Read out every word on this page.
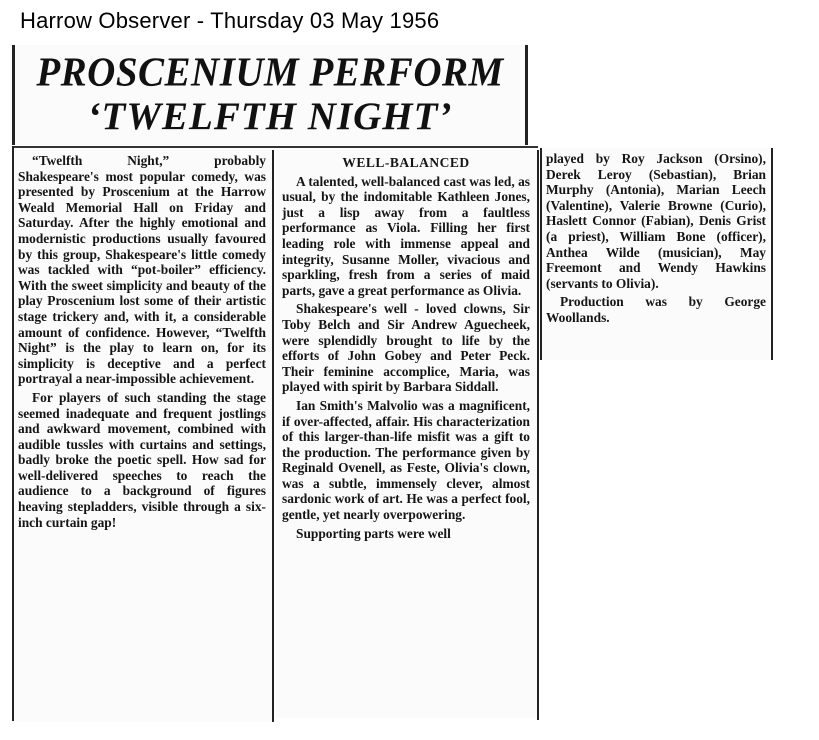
Harrow Observer - Thursday 03 May 1956
PROSCENIUM PERFORM
‘TWELFTH NIGHT’

“Twelfth Night,” probably Shakespeare's most popular comedy, was presented by Proscenium at the Harrow Weald Memorial Hall on Friday and Saturday. After the highly emotional and modernistic productions usually favoured by this group, Shakespeare's little comedy was tackled with “pot-boiler” efficiency. With the sweet simplicity and beauty of the play Proscenium lost some of their artistic stage trickery and, with it, a considerable amount of confidence. However, “Twelfth Night” is the play to learn on, for its simplicity is deceptive and a perfect portrayal a near-impossible achievement.

For players of such standing the stage seemed inadequate and frequent jostlings and awkward movement, combined with audible tussles with curtains and settings, badly broke the poetic spell. How sad for well-delivered speeches to reach the audience to a background of figures heaving stepladders, visible through a six-inch curtain gap!

WELL-BALANCED

A talented, well-balanced cast was led, as usual, by the indomitable Kathleen Jones, just a lisp away from a faultless performance as Viola. Filling her first leading role with immense appeal and integrity, Susanne Moller, vivacious and sparkling, fresh from a series of maid parts, gave a great performance as Olivia.

Shakespeare's well - loved clowns, Sir Toby Belch and Sir Andrew Aguecheek, were splendidly brought to life by the efforts of John Gobey and Peter Peck. Their feminine accomplice, Maria, was played with spirit by Barbara Siddall.

Ian Smith's Malvolio was a magnificent, if over-affected, affair. His characterization of this larger-than-life misfit was a gift to the production. The performance given by Reginald Ovenell, as Feste, Olivia's clown, was a subtle, immensely clever, almost sardonic work of art. He was a perfect fool, gentle, yet nearly overpowering.

Supporting parts were well

played by Roy Jackson (Orsino), Derek Leroy (Sebastian), Brian Murphy (Antonia), Marian Leech (Valentine), Valerie Browne (Curio), Haslett Connor (Fabian), Denis Grist (a priest), William Bone (officer), Anthea Wilde (musician), May Freemont and Wendy Hawkins (servants to Olivia).

Production was by George Woollands.
